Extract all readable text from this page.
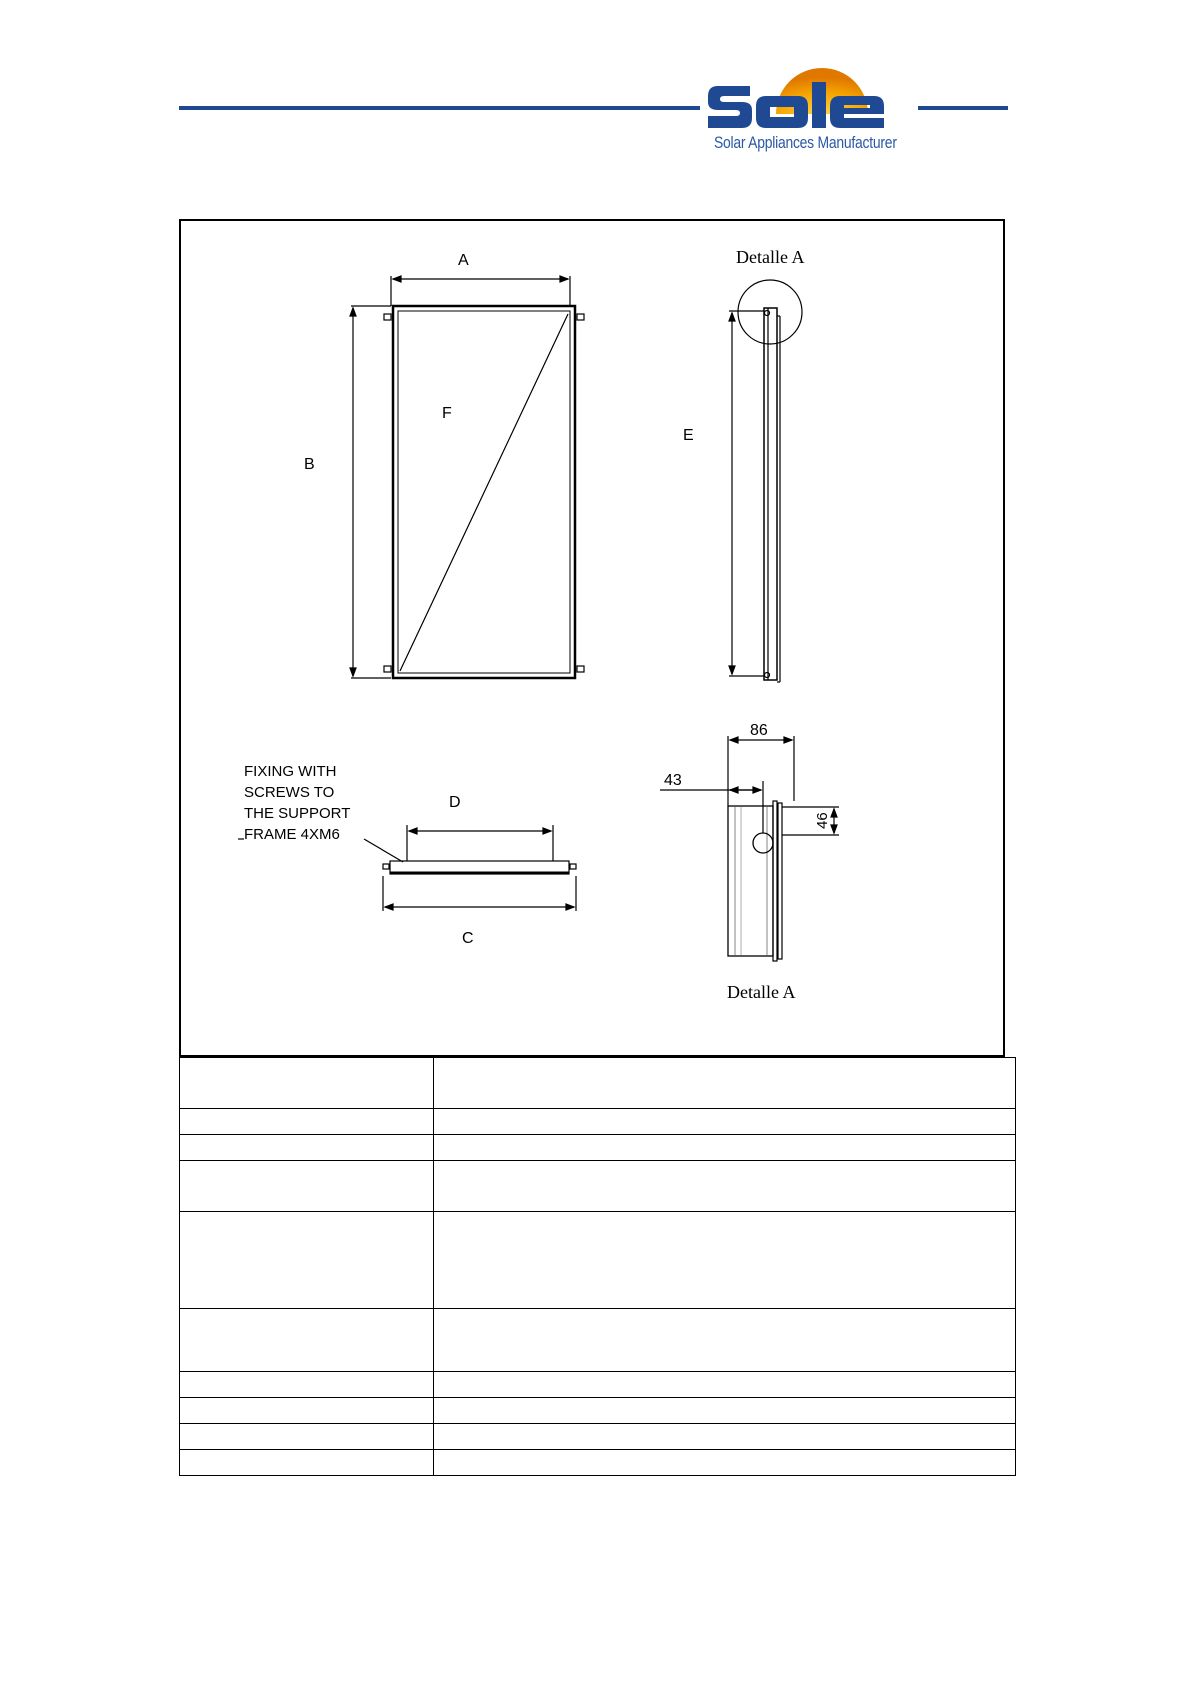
Solar Appliances Manufacturer
A
B
F
E
D
C
Detalle A
Detalle A
FIXING WITH
SCREWS TO
THE SUPPORT
FRAME 4XM6
86
43
46
